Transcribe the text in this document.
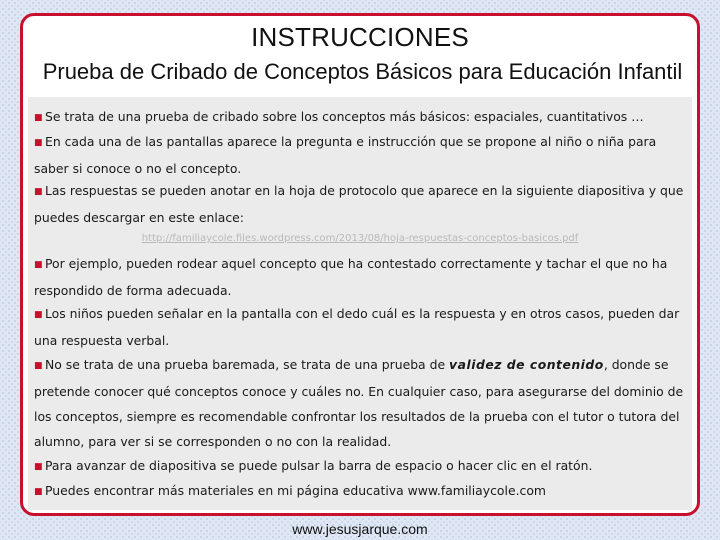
INSTRUCCIONES
Prueba de Cribado de Conceptos Básicos para Educación Infantil
■ Se trata de una prueba de cribado sobre los conceptos más básicos: espaciales, cuantitativos …
■ En cada una de las pantallas aparece la pregunta e instrucción que se propone al niño o niña para saber si conoce o no el concepto.
■ Las respuestas se pueden anotar en la hoja de protocolo que aparece en la siguiente diapositiva y que puedes descargar en este enlace:
http://familiaycole.files.wordpress.com/2013/08/hoja-respuestas-conceptos-basicos.pdf
■ Por ejemplo, pueden rodear aquel concepto que ha contestado correctamente y tachar el que no ha respondido de forma adecuada.
■ Los niños pueden señalar en la pantalla con el dedo cuál es la respuesta y en otros casos, pueden dar una respuesta verbal.
■ No se trata de una prueba baremada, se trata de una prueba de validez de contenido, donde se pretende conocer qué conceptos conoce y cuáles no. En cualquier caso, para asegurarse del dominio de los conceptos, siempre es recomendable confrontar los resultados de la prueba con el tutor o tutora del alumno, para ver si se corresponden o no con la realidad.
■ Para avanzar de diapositiva se puede pulsar la barra de espacio o hacer clic en el ratón.
■ Puedes encontrar más materiales en mi página educativa www.familiaycole.com
www.jesusjarque.com
